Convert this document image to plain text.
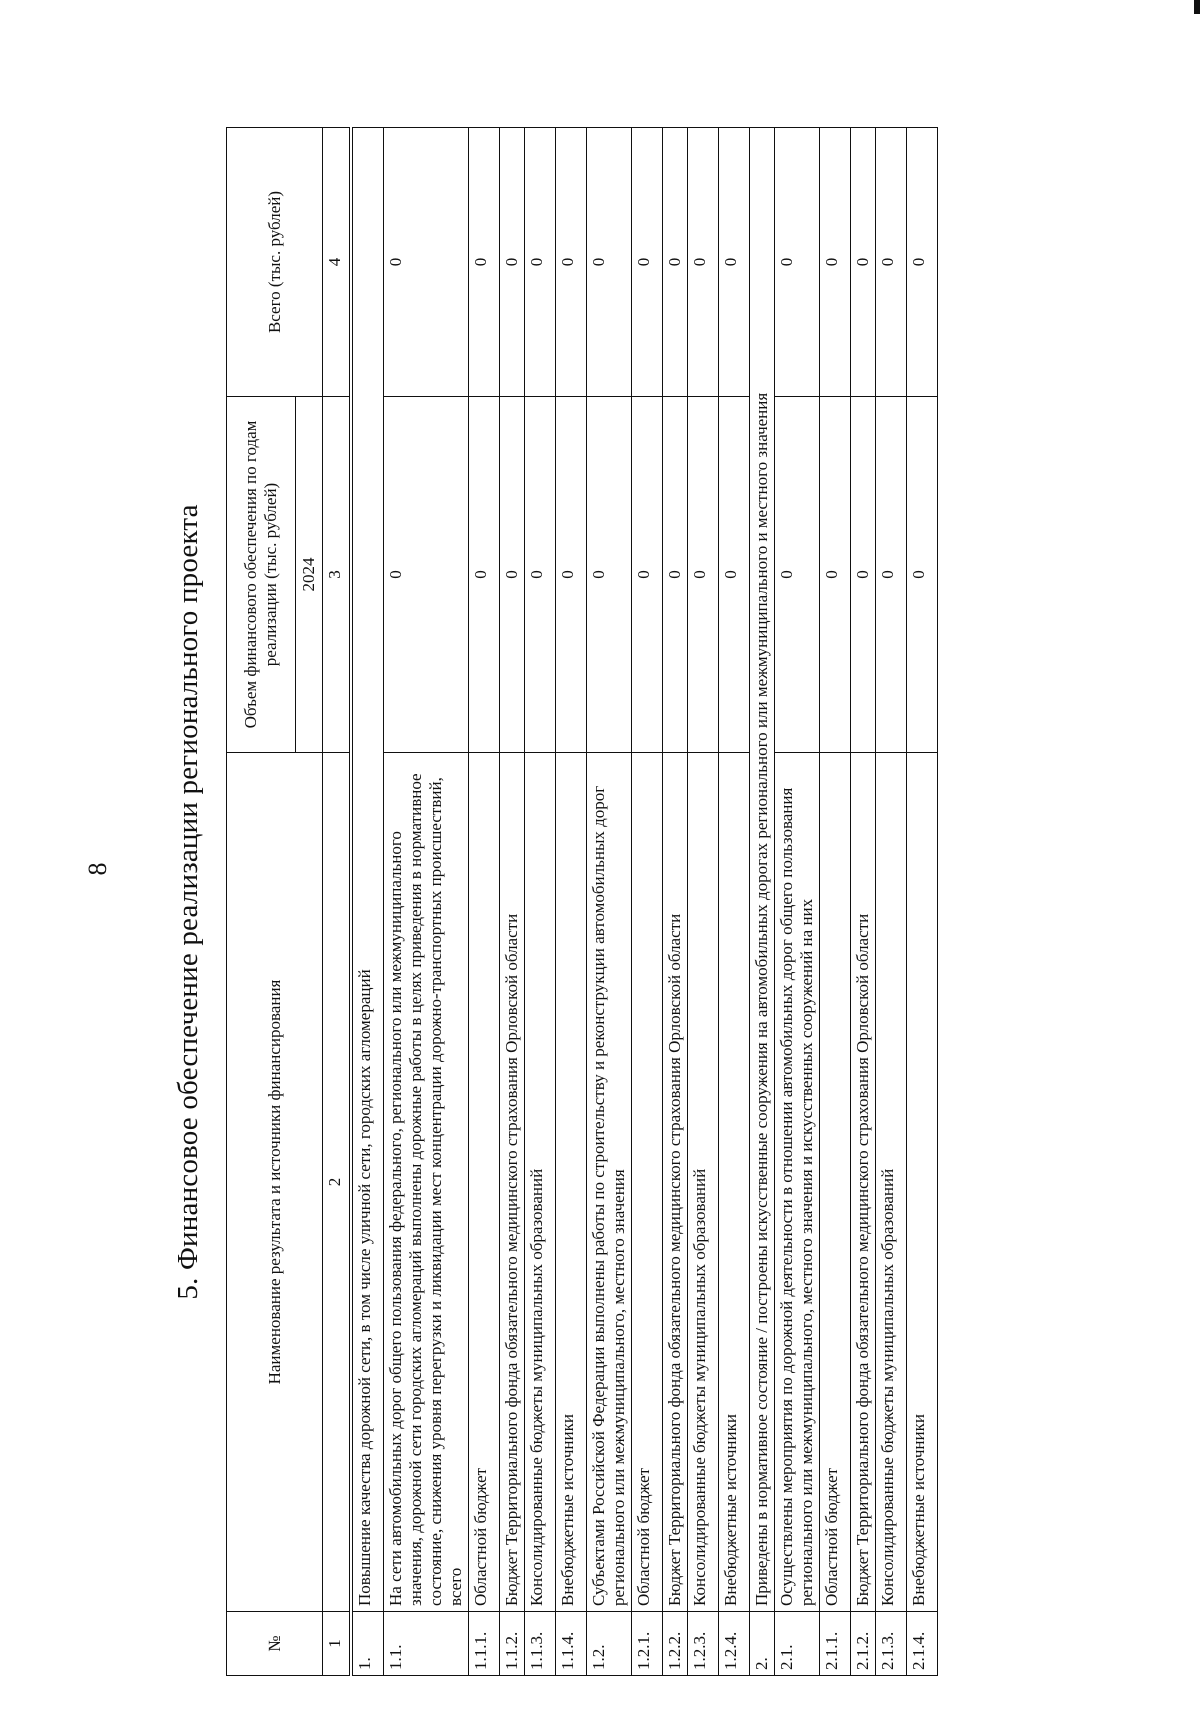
8 5. Финансовое обеспечение реализации регионального проекта
№	Наименование результата и источники финансирования	Объем финансового обеспечения по годам реализации (тыс. рублей)	Всего (тыс. рублей)
		2024	
1	2	3	4
1.	Повышение качества дорожной сети, в том числе уличной сети, городских агломераций		
1.1.	На сети автомобильных дорог общего пользования федерального, регионального или межмуниципального значения, дорожной сети городских агломераций выполнены дорожные работы в целях приведения в нормативное состояние, снижения уровня перегрузки и ликвидации мест концентрации дорожно-транспортных происшествий, всего	0	0
1.1.1.	Областной бюджет	0	0
1.1.2.	Бюджет Территориального фонда обязательного медицинского страхования Орловской области	0	0
1.1.3.	Консолидированные бюджеты муниципальных образований	0	0
1.1.4.	Внебюджетные источники	0	0
1.2.	Субъектами Российской Федерации выполнены работы по строительству и реконструкции автомобильных дорог регионального или межмуниципального, местного значения	0	0
1.2.1.	Областной бюджет	0	0
1.2.2.	Бюджет Территориального фонда обязательного медицинского страхования Орловской области	0	0
1.2.3.	Консолидированные бюджеты муниципальных образований	0	0
1.2.4.	Внебюджетные источники	0	0
2.	Приведены в нормативное состояние / построены искусственные сооружения на автомобильных дорогах регионального или межмуниципального и местного значения		
2.1.	Осуществлены мероприятия по дорожной деятельности в отношении автомобильных дорог общего пользования регионального или межмуниципального, местного значения и искусственных сооружений на них	0	0
2.1.1.	Областной бюджет	0	0
2.1.2.	Бюджет Территориального фонда обязательного медицинского страхования Орловской области	0	0
2.1.3.	Консолидированные бюджеты муниципальных образований	0	0
2.1.4.	Внебюджетные источники	0	0
